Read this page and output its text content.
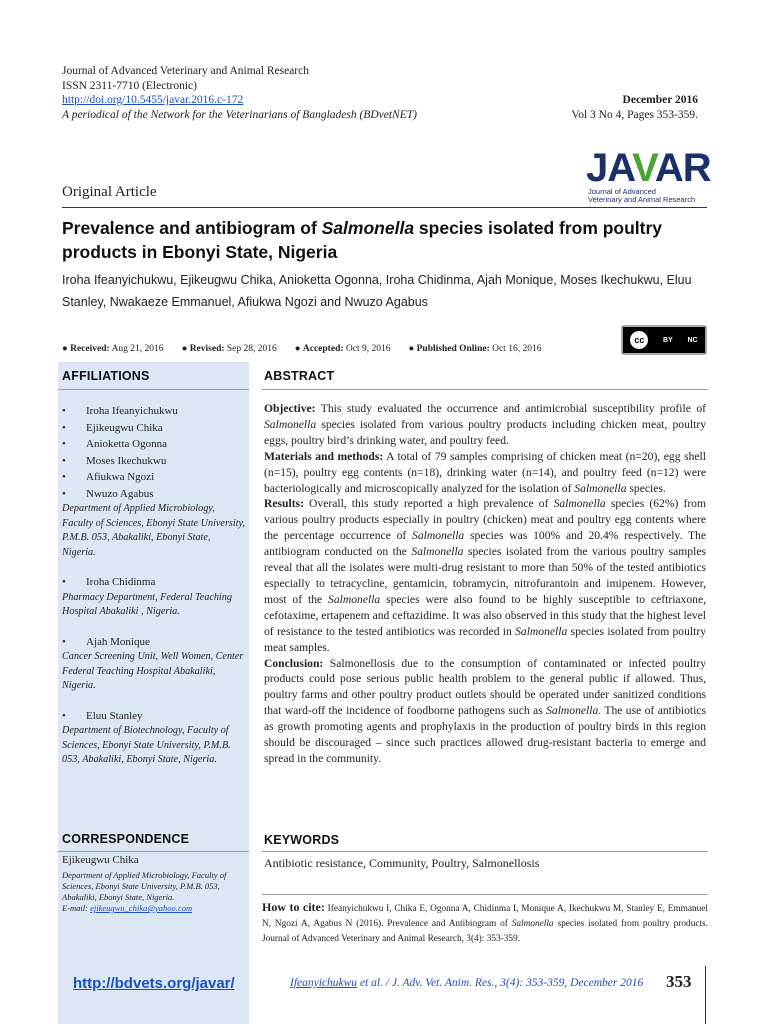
Journal of Advanced Veterinary and Animal Research
ISSN 2311-7710 (Electronic)
http://doi.org/10.5455/javar.2016.c-172
A periodical of the Network for the Veterinarians of Bangladesh (BDvetNET)
December 2016
Vol 3 No 4, Pages 353-359.
JAVAR
Journal of Advanced
Veterinary and Animal Research
Original Article
Prevalence and antibiogram of Salmonella species isolated from poultry products in Ebonyi State, Nigeria
Iroha Ifeanyichukwu, Ejikeugwu Chika, Anioketta Ogonna, Iroha Chidinma, Ajah Monique, Moses Ikechukwu, Eluu Stanley, Nwakaeze Emmanuel, Afiukwa Ngozi and Nwuzo Agabus
● Received: Aug 21, 2016 ● Revised: Sep 28, 2016 ● Accepted: Oct 9, 2016 ● Published Online: Oct 16, 2016
cc	BY NC
AFFILIATIONS
• Iroha Ifeanyichukwu
• Ejikeugwu Chika
• Anioketta Ogonna
• Moses Ikechukwu
• Afiukwa Ngozi
• Nwuzo Agabus
Department of Applied Microbiology, Faculty of Sciences, Ebonyi State University, P.M.B. 053, Abakaliki, Ebonyi State, Nigeria.
• Iroha Chidinma
Pharmacy Department, Federal Teaching Hospital Abakaliki , Nigeria.
• Ajah Monique
Cancer Screening Unit, Well Women, Center Federal Teaching Hospital Abakaliki, Nigeria.
• Eluu Stanley
Department of Biotechnology, Faculty of Sciences, Ebonyi State University, P.M.B. 053, Abakaliki, Ebonyi State, Nigeria.
CORRESPONDENCE
Ejikeugwu Chika
Department of Applied Microbiology, Faculty of Sciences, Ebonyi State University, P.M.B. 053, Abakaliki, Ebonyi State, Nigeria.
E-mail: ejikeugwu_chika@yahoo.com
http://bdvets.org/javar/
ABSTRACT

Objective: This study evaluated the occurrence and antimicrobial susceptibility profile of Salmonella species isolated from various poultry products including chicken meat, poultry eggs, poultry bird’s drinking water, and poultry feed.

Materials and methods: A total of 79 samples comprising of chicken meat (n=20), egg shell (n=15), poultry egg contents (n=18), drinking water (n=14), and poultry feed (n=12) were bacteriologically and microscopically analyzed for the isolation of Salmonella species.

Results: Overall, this study reported a high prevalence of Salmonella species (62%) from various poultry products especially in poultry (chicken) meat and poultry egg contents where the percentage occurrence of Salmonella species was 100% and 20.4% respectively. The antibiogram conducted on the Salmonella species isolated from the various poultry samples reveal that all the isolates were multi-drug resistant to more than 50% of the tested antibiotics especially to tetracycline, gentamicin, tobramycin, nitrofurantoin and imipenem. However, most of the Salmonella species were also found to be highly susceptible to ceftriaxone, cefotaxime, ertapenem and ceftazidime. It was also observed in this study that the highest level of resistance to the tested antibiotics was recorded in Salmonella species isolated from poultry meat samples.

Conclusion: Salmonellosis due to the consumption of contaminated or infected poultry products could pose serious public health problem to the general public if allowed. Thus, poultry farms and other poultry product outlets should be operated under sanitized conditions that ward-off the incidence of foodborne pathogens such as Salmonella. The use of antibiotics as growth promoting agents and prophylaxis in the production of poultry birds in this region should be discouraged – since such practices allowed drug-resistant bacteria to emerge and spread in the community.

KEYWORDS
Antibiotic resistance, Community, Poultry, Salmonellosis
How to cite: Ifeanyichukwu I, Chika E, Ogonna A, Chidinma I, Monique A, Ikechukwu M, Stanley E, Emmanuel N, Ngozi A, Agabus N (2016). Prevalence and Antibiogram of Salmonella species isolated from poultry products. Journal of Advanced Veterinary and Animal Research, 3(4): 353-359.
Ifeanyichukwu et al. / J. Adv. Vet. Anim. Res., 3(4): 353-359, December 2016 353
